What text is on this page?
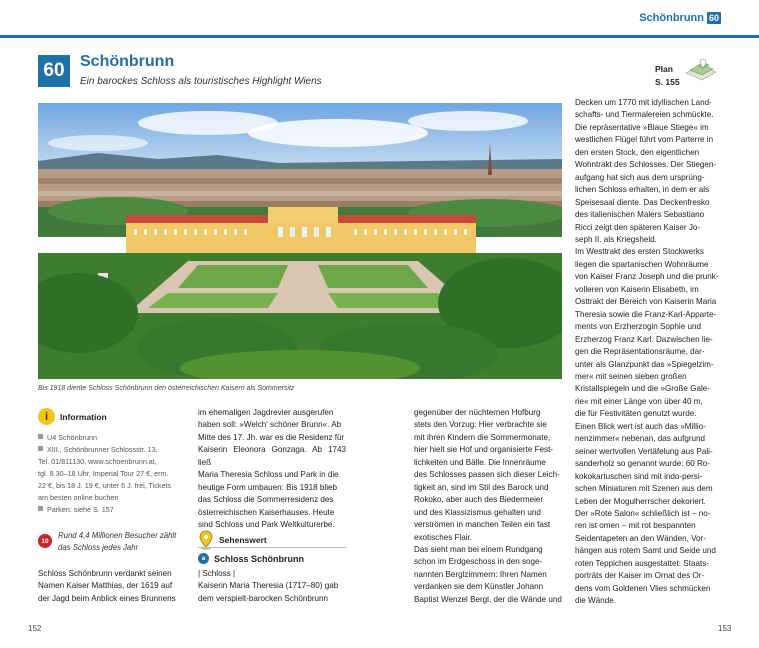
Schönbrunn 60
60 Schönbrunn
Ein barockes Schloss als touristisches Highlight Wiens
Plan
S. 155
Bis 1918 diente Schloss Schönbrunn den österreichischen Kaisern als Sommersitz
i	Information
U4 Schönbrunn
XIII., Schönbrunner Schlossstr. 13,
Tel. 01/811130, www.schoenbrunn.at,
tgl. 8.30–18 Uhr, Imperial Tour 27 €, erm.
22 €, bis 18 J. 19 €, unter 6 J. frei, Tickets
am besten online buchen
Parken: siehe S. 157
10
Rund 4,4 Millionen Besucher zählt
das Schloss jedes Jahr
Schloss Schönbrunn verdankt seinen
Namen Kaiser Matthias, der 1619 auf
der Jagd beim Anblick eines Brunnens
im ehemaligen Jagdrevier ausgerufen
haben soll: »Welch' schöner Brunn«. Ab
Mitte des 17. Jh. war es die Residenz für
Kaiserin Eleonora Gonzaga. Ab 1743 ließ
Maria Theresia Schloss und Park in die
heutige Form umbauen: Bis 1918 blieb
das Schloss die Sommerresidenz des
österreichischen Kaiserhauses. Heute
sind Schloss und Park Weltkulturerbe.
Sehenswert
a Schloss Schönbrunn
| Schloss |
Kaiserin Maria Theresia (1717–80) gab
dem verspielt-barocken Schönbrunn
gegenüber der nüchternen Hofburg
stets den Vorzug: Hier verbrachte sie
mit ihren Kindern die Sommermonate,
hier hielt sie Hof und organisierte Fest-
lichkeiten und Bälle. Die Innenräume
des Schlosses passen sich dieser Leich-
tigkeit an, sind im Stil des Barock und
Rokoko, aber auch des Biedermeier
und des Klassizismus gehalten und
verströmen in manchen Teilen ein fast
exotisches Flair.
Das sieht man bei einem Rundgang
schon im Erdgeschoss in den soge-
nannten Berglzimmern: Ihren Namen
verdanken sie dem Künstler Johann
Baptist Wenzel Bergl, der die Wände und
Decken um 1770 mit idyllischen Land-
schafts- und Tiermalereien schmückte.
Die repräsentative »Blaue Stiege« im
westlichen Flügel führt vom Parterre in
den ersten Stock, den eigentlichen
Wohntrakt des Schlosses. Der Stiegen-
aufgang hat sich aus dem ursprüng-
lichen Schloss erhalten, in dem er als
Speisesaal diente. Das Deckenfresko
des italienischen Malers Sebastiano
Ricci zeigt den späteren Kaiser Jo-
seph II. als Kriegsheld.
Im Westtrakt des ersten Stockwerks
liegen die spartanischen Wohnräume
von Kaiser Franz Joseph und die prunk-
volleren von Kaiserin Elisabeth, im
Osttrakt der Bereich von Kaiserin Maria
Theresia sowie die Franz-Karl-Apparte-
ments von Erzherzogin Sophie und
Erzherzog Franz Karl. Dazwischen lie-
gen die Repräsentationsräume, dar-
unter als Glanzpunkt das »Spiegelzim-
mer« mit seinen sieben großen
Kristallspiegeln und die »Große Gale-
rie« mit einer Länge von über 40 m,
die für Festivitäten genutzt wurde.
Einen Blick wert ist auch das »Millio-
nenzimmer« nebenan, das aufgrund
seiner wertvollen Vertäfelung aus Pali-
sanderholz so genannt wurde: 60 Ro-
kokokartuschen sind mit indo-persi-
schen Miniaturen mit Szenen aus dem
Leben der Mogulherrscher dekoriert.
Der »Rote Salon« schließlich ist – no-
ren ist omen – mit rot bespannten
Seidentapeten an den Wänden, Vor-
hängen aus rotem Samt und Seide und
roten Teppichen ausgestattet: Staats-
porträts der Kaiser im Ornat des Or-
dens vom Goldenen Vlies schmücken
die Wände.
152	153
